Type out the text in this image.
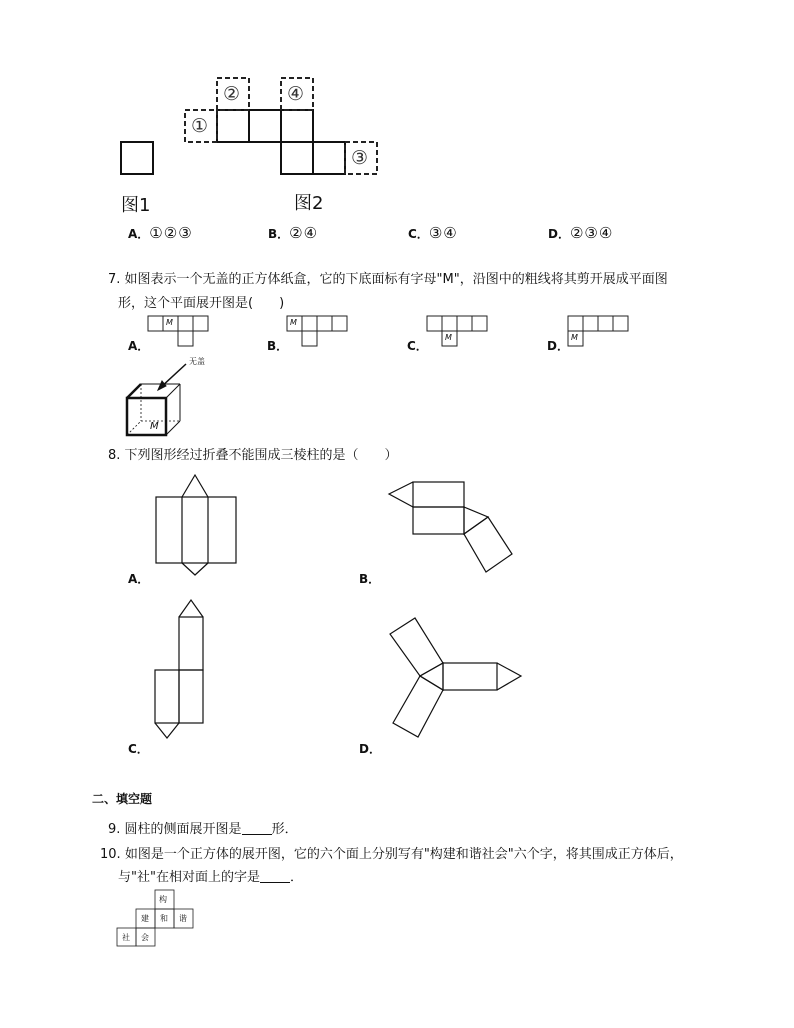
①
② ④
③
图1	图2
A．①②③	B．②④	C．③④	D．②③④
7. 如图表示一个无盖的正方体纸盒，它的下底面标有字母"M"，沿图中的粗线将其剪开展成平面图
形，这个平面展开图是(　　)
M	M
M	M
A．	B．	C．	D．
无盖
M
8. 下列图形经过折叠不能围成三棱柱的是（　　）
A．	B．
C．	D．
二、填空题
9. 圆柱的侧面展开图是 形．
10. 如图是一个正方体的展开图，它的六个面上分别写有"构建和谐社会"六个字，将其围成正方体后，
与"社"在相对面上的字是 ．
构
建 和 谐
社 会
